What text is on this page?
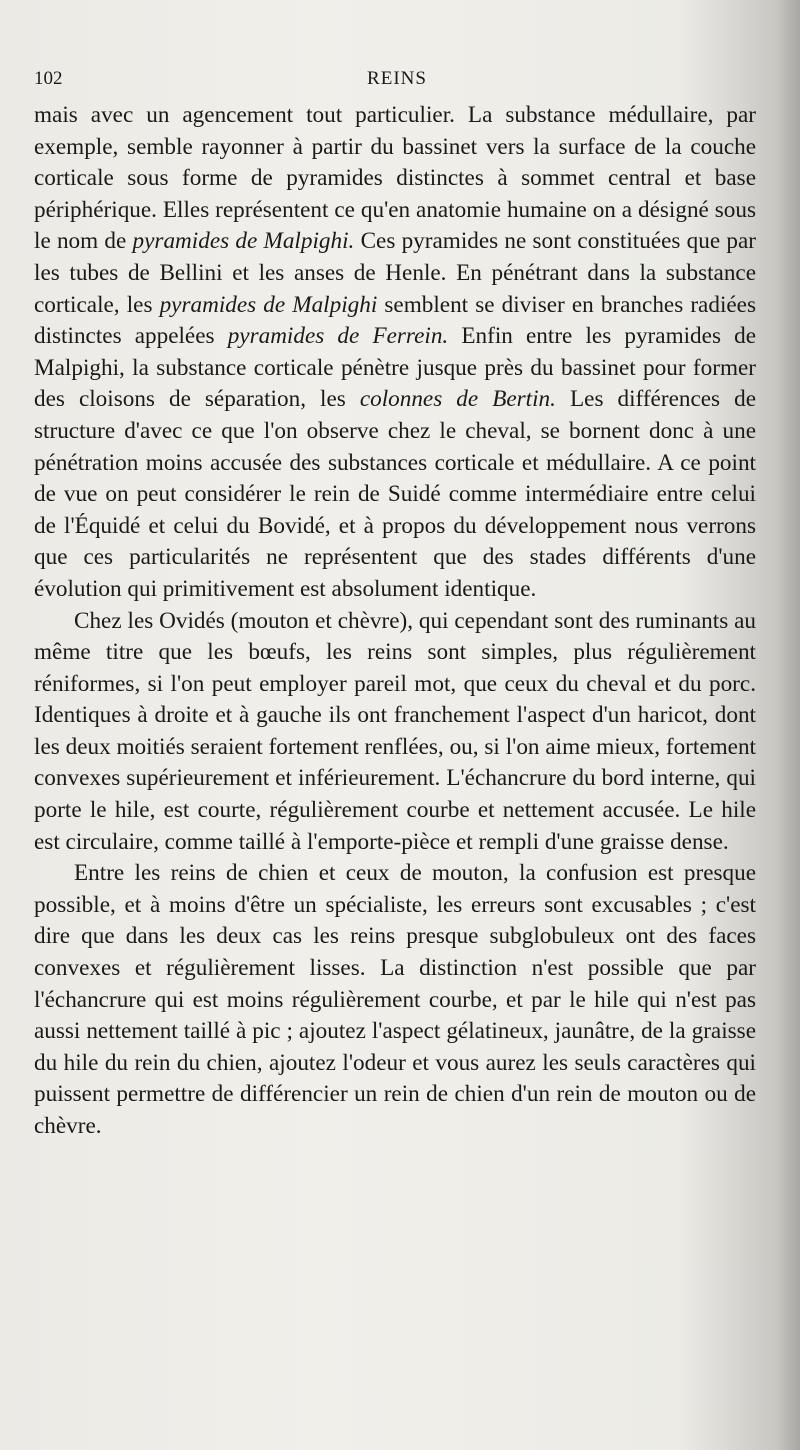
102	REINS

mais avec un agencement tout particulier. La substance médullaire, par exemple, semble rayonner à partir du bassinet vers la surface de la couche corticale sous forme de pyramides distinctes à sommet central et base périphérique. Elles représentent ce qu'en anatomie humaine on a désigné sous le nom de pyramides de Malpighi. Ces pyramides ne sont constituées que par les tubes de Bellini et les anses de Henle. En pénétrant dans la substance corticale, les pyramides de Malpighi semblent se diviser en branches radiées distinctes appelées pyramides de Ferrein. Enfin entre les pyramides de Malpighi, la substance corticale pénètre jusque près du bassinet pour former des cloisons de séparation, les colonnes de Bertin. Les différences de structure d'avec ce que l'on observe chez le cheval, se bornent donc à une pénétration moins accusée des substances corticale et médullaire. A ce point de vue on peut considérer le rein de Suidé comme intermédiaire entre celui de l'Équidé et celui du Bovidé, et à propos du développement nous verrons que ces particularités ne représentent que des stades différents d'une évolution qui primitivement est absolument identique.

Chez les Ovidés (mouton et chèvre), qui cependant sont des ruminants au même titre que les bœufs, les reins sont simples, plus régulièrement réniformes, si l'on peut employer pareil mot, que ceux du cheval et du porc. Identiques à droite et à gauche ils ont franchement l'aspect d'un haricot, dont les deux moitiés seraient fortement renflées, ou, si l'on aime mieux, fortement convexes supérieurement et inférieurement. L'échancrure du bord interne, qui porte le hile, est courte, régulièrement courbe et nettement accusée. Le hile est circulaire, comme taillé à l'emporte-pièce et rempli d'une graisse dense.

Entre les reins de chien et ceux de mouton, la confusion est presque possible, et à moins d'être un spécialiste, les erreurs sont excusables ; c'est dire que dans les deux cas les reins presque subglobuleux ont des faces convexes et régulièrement lisses. La distinction n'est possible que par l'échancrure qui est moins régulièrement courbe, et par le hile qui n'est pas aussi nettement taillé à pic ; ajoutez l'aspect gélatineux, jaunâtre, de la graisse du hile du rein du chien, ajoutez l'odeur et vous aurez les seuls caractères qui puissent permettre de différencier un rein de chien d'un rein de mouton ou de chèvre.
